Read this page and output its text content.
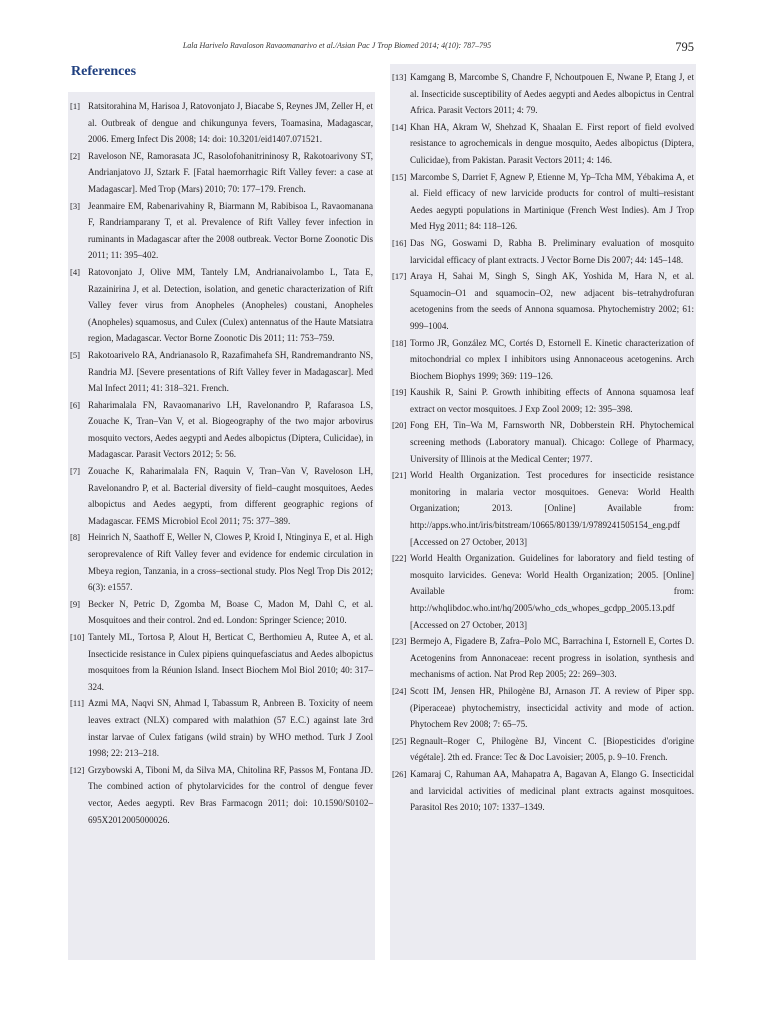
Lala Harivelo Ravaloson Ravaomanarivo et al./Asian Pac J Trop Biomed 2014; 4(10): 787–795	795
References

[1] Ratsitorahina M, Harisoa J, Ratovonjato J, Biacabe S, Reynes JM, Zeller H, et al. Outbreak of dengue and chikungunya fevers, Toamasina, Madagascar, 2006. Emerg Infect Dis 2008; 14: doi: 10.3201/eid1407.071521.

[2] Raveloson NE, Ramorasata JC, Rasolofohanitrininosy R, Rakotoarivony ST, Andrianjatovo JJ, Sztark F. [Fatal haemorrhagic Rift Valley fever: a case at Madagascar]. Med Trop (Mars) 2010; 70: 177–179. French.

[3] Jeanmaire EM, Rabenarivahiny R, Biarmann M, Rabibisoa L, Ravaomanana F, Randriamparany T, et al. Prevalence of Rift Valley fever infection in ruminants in Madagascar after the 2008 outbreak. Vector Borne Zoonotic Dis 2011; 11: 395–402.

[4] Ratovonjato J, Olive MM, Tantely LM, Andrianaivolambo L, Tata E, Razainirina J, et al. Detection, isolation, and genetic characterization of Rift Valley fever virus from Anopheles (Anopheles) coustani, Anopheles (Anopheles) squamosus, and Culex (Culex) antennatus of the Haute Matsiatra region, Madagascar. Vector Borne Zoonotic Dis 2011; 11: 753–759.

[5] Rakotoarivelo RA, Andrianasolo R, Razafimahefa SH, Randremandranto NS, Randria MJ. [Severe presentations of Rift Valley fever in Madagascar]. Med Mal Infect 2011; 41: 318–321. French.

[6] Raharimalala FN, Ravaomanarivo LH, Ravelonandro P, Rafarasoa LS, Zouache K, Tran–Van V, et al. Biogeography of the two major arbovirus mosquito vectors, Aedes aegypti and Aedes albopictus (Diptera, Culicidae), in Madagascar. Parasit Vectors 2012; 5: 56.

[7] Zouache K, Raharimalala FN, Raquin V, Tran–Van V, Raveloson LH, Ravelonandro P, et al. Bacterial diversity of field–caught mosquitoes, Aedes albopictus and Aedes aegypti, from different geographic regions of Madagascar. FEMS Microbiol Ecol 2011; 75: 377–389.

[8] Heinrich N, Saathoff E, Weller N, Clowes P, Kroid I, Ntinginya E, et al. High seroprevalence of Rift Valley fever and evidence for endemic circulation in Mbeya region, Tanzania, in a cross–sectional study. Plos Negl Trop Dis 2012; 6(3): e1557.

[9] Becker N, Petric D, Zgomba M, Boase C, Madon M, Dahl C, et al. Mosquitoes and their control. 2nd ed. London: Springer Science; 2010.

[10] Tantely ML, Tortosa P, Alout H, Berticat C, Berthomieu A, Rutee A, et al. Insecticide resistance in Culex pipiens quinquefasciatus and Aedes albopictus mosquitoes from la Réunion Island. Insect Biochem Mol Biol 2010; 40: 317–324.

[11] Azmi MA, Naqvi SN, Ahmad I, Tabassum R, Anbreen B. Toxicity of neem leaves extract (NLX) compared with malathion (57 E.C.) against late 3rd instar larvae of Culex fatigans (wild strain) by WHO method. Turk J Zool 1998; 22: 213–218.

[12] Grzybowski A, Tiboni M, da Silva MA, Chitolina RF, Passos M, Fontana JD. The combined action of phytolarvicides for the control of dengue fever vector, Aedes aegypti. Rev Bras Farmacogn 2011; doi: 10.1590/S0102–695X2012005000026.

[13] Kamgang B, Marcombe S, Chandre F, Nchoutpouen E, Nwane P, Etang J, et al. Insecticide susceptibility of Aedes aegypti and Aedes albopictus in Central Africa. Parasit Vectors 2011; 4: 79.

[14] Khan HA, Akram W, Shehzad K, Shaalan E. First report of field evolved resistance to agrochemicals in dengue mosquito, Aedes albopictus (Diptera, Culicidae), from Pakistan. Parasit Vectors 2011; 4: 146.

[15] Marcombe S, Darriet F, Agnew P, Etienne M, Yp–Tcha MM, Yébakima A, et al. Field efficacy of new larvicide products for control of multi–resistant Aedes aegypti populations in Martinique (French West Indies). Am J Trop Med Hyg 2011; 84: 118–126.

[16] Das NG, Goswami D, Rabha B. Preliminary evaluation of mosquito larvicidal efficacy of plant extracts. J Vector Borne Dis 2007; 44: 145–148.

[17] Araya H, Sahai M, Singh S, Singh AK, Yoshida M, Hara N, et al. Squamocin–O1 and squamocin–O2, new adjacent bis–tetrahydrofuran acetogenins from the seeds of Annona squamosa. Phytochemistry 2002; 61: 999–1004.

[18] Tormo JR, González MC, Cortés D, Estornell E. Kinetic characterization of mitochondrial co mplex I inhibitors using Annonaceous acetogenins. Arch Biochem Biophys 1999; 369: 119–126.

[19] Kaushik R, Saini P. Growth inhibiting effects of Annona squamosa leaf extract on vector mosquitoes. J Exp Zool 2009; 12: 395–398.

[20] Fong EH, Tin–Wa M, Farnsworth NR, Dobberstein RH. Phytochemical screening methods (Laboratory manual). Chicago: College of Pharmacy, University of Illinois at the Medical Center; 1977.

[21] World Health Organization. Test procedures for insecticide resistance monitoring in malaria vector mosquitoes. Geneva: World Health Organization; 2013. [Online] Available from: http://apps.who.int/iris/bitstream/10665/80139/1/9789241505154_eng.pdf [Accessed on 27 October, 2013]

[22] World Health Organization. Guidelines for laboratory and field testing of mosquito larvicides. Geneva: World Health Organization; 2005. [Online] Available from: http://whqlibdoc.who.int/hq/2005/who_cds_whopes_gcdpp_2005.13.pdf [Accessed on 27 October, 2013]

[23] Bermejo A, Figadere B, Zafra–Polo MC, Barrachina I, Estornell E, Cortes D. Acetogenins from Annonaceae: recent progress in isolation, synthesis and mechanisms of action. Nat Prod Rep 2005; 22: 269–303.

[24] Scott IM, Jensen HR, Philogène BJ, Arnason JT. A review of Piper spp. (Piperaceae) phytochemistry, insecticidal activity and mode of action. Phytochem Rev 2008; 7: 65–75.

[25] Regnault–Roger C, Philogène BJ, Vincent C. [Biopesticides d'origine végétale]. 2th ed. France: Tec & Doc Lavoisier; 2005, p. 9–10. French.

[26] Kamaraj C, Rahuman AA, Mahapatra A, Bagavan A, Elango G. Insecticidal and larvicidal activities of medicinal plant extracts against mosquitoes. Parasitol Res 2010; 107: 1337–1349.
